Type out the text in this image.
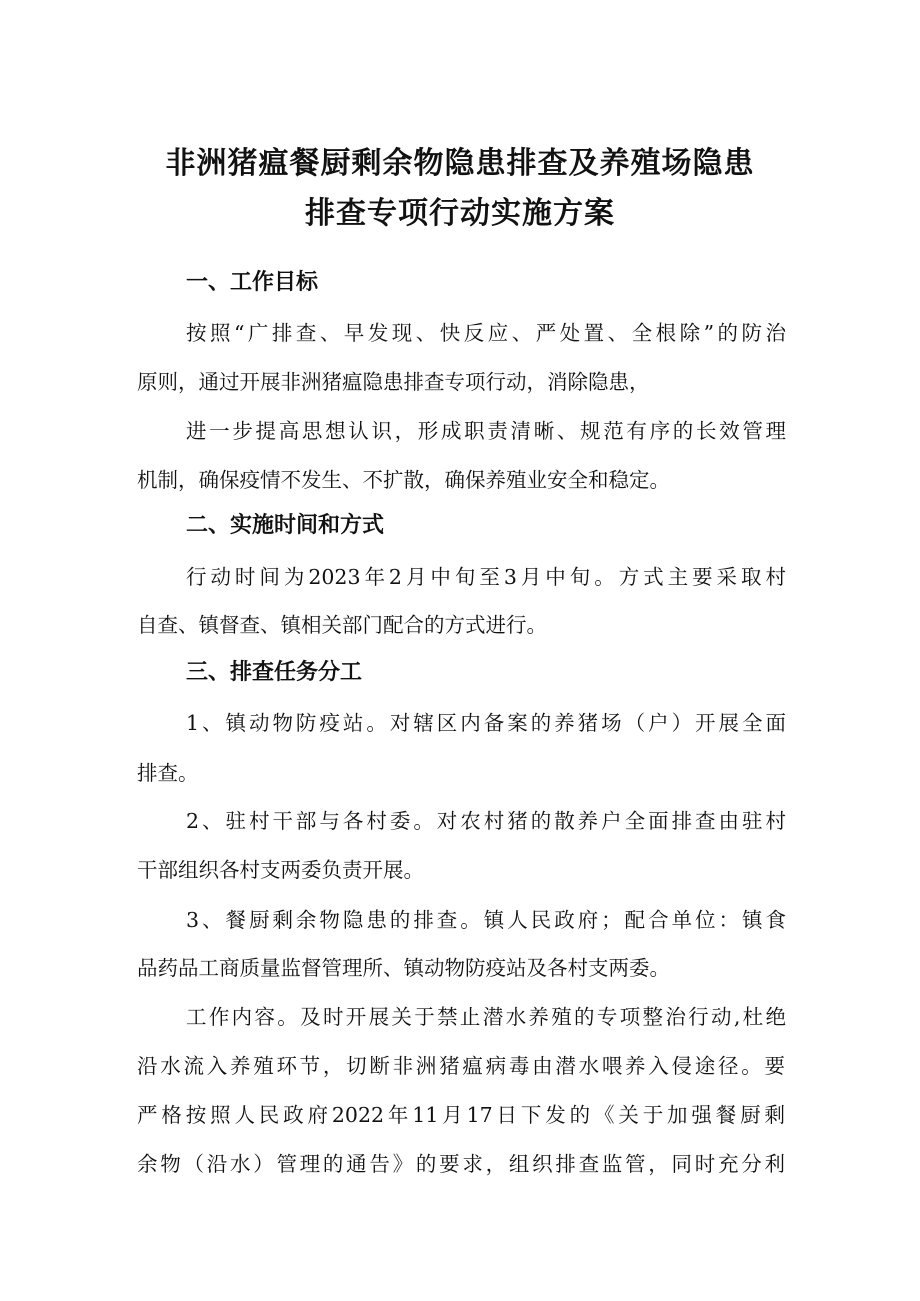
非洲猪瘟餐厨剩余物隐患排查及养殖场隐患
排查专项行动实施方案
一、工作目标
按照“广排查、早发现、快反应、严处置、全根除”的防治
原则，通过开展非洲猪瘟隐患排查专项行动，消除隐患，
进一步提高思想认识，形成职责清晰、规范有序的长效管理
机制，确保疫情不发生、不扩散，确保养殖业安全和稳定。
二、实施时间和方式
行动时间为2023年2月中旬至3月中旬。方式主要采取村
自查、镇督查、镇相关部门配合的方式进行。
三、排查任务分工
1、镇动物防疫站。对辖区内备案的养猪场（户）开展全面
排查。
2、驻村干部与各村委。对农村猪的散养户全面排查由驻村
干部组织各村支两委负责开展。
3、餐厨剩余物隐患的排查。镇人民政府；配合单位：镇食
品药品工商质量监督管理所、镇动物防疫站及各村支两委。
工作内容。及时开展关于禁止潜水养殖的专项整治行动,杜绝
沿水流入养殖环节，切断非洲猪瘟病毒由潜水喂养入侵途径。要
严格按照人民政府2022年11月17日下发的《关于加强餐厨剩
余物（沿水）管理的通告》的要求，组织排查监管，同时充分利
